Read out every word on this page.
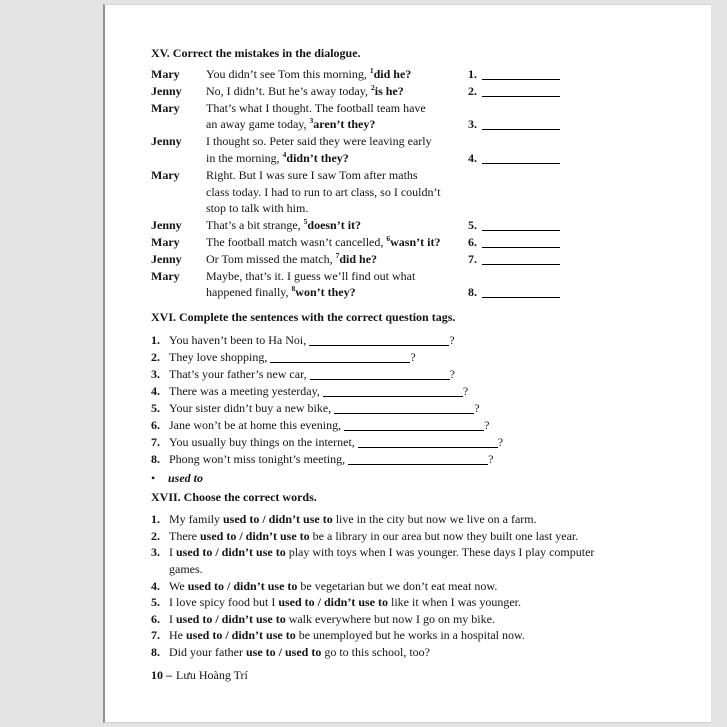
XV. Correct the mistakes in the dialogue.
Mary	You didn’t see Tom this morning, $^1$did he?	1.
Jenny	No, I didn’t. But he’s away today, $^2$is he?	2.
Mary	That’s what I thought. The football team have
an away game today, $^3$aren’t they?	3.
Jenny	I thought so. Peter said they were leaving early
in the morning, $^4$didn’t they?	4.
Mary	Right. But I was sure I saw Tom after maths
class today. I had to run to art class, so I couldn’t
stop to talk with him.
Jenny	That’s a bit strange, $^5$doesn’t it?	5.
Mary	The football match wasn’t cancelled, $^6$wasn’t it?	6.
Jenny	Or Tom missed the match, $^7$did he?	7.
Mary	Maybe, that’s it. I guess we’ll find out what
happened finally, $^8$won’t they?	8.
XVI. Complete the sentences with the correct question tags.
1. You haven’t been to Ha Noi,	?
2. They love shopping,	?
3. That’s your father’s new car,	?
4. There was a meeting yesterday,	?
5. Your sister didn’t buy a new bike,	?
6. Jane won’t be at home this evening,	?
7. You usually buy things on the internet,	?
8. Phong won’t miss tonight’s meeting,	?
•	used to
XVII. Choose the correct words.
1. My family used to / didn’t use to live in the city but now we live on a farm.
2. There used to / didn’t use to be a library in our area but now they built one last year.
3. I used to / didn’t use to play with toys when I was younger. These days I play computer games.
4. We used to / didn’t use to be vegetarian but we don’t eat meat now.
5. I love spicy food but I used to / didn’t use to like it when I was younger.
6. I used to / didn’t use to walk everywhere but now I go on my bike.
7. He used to / didn’t use to be unemployed but he works in a hospital now.
8. Did your father use to / used to go to this school, too?
10 – Lưu Hoàng Trí
